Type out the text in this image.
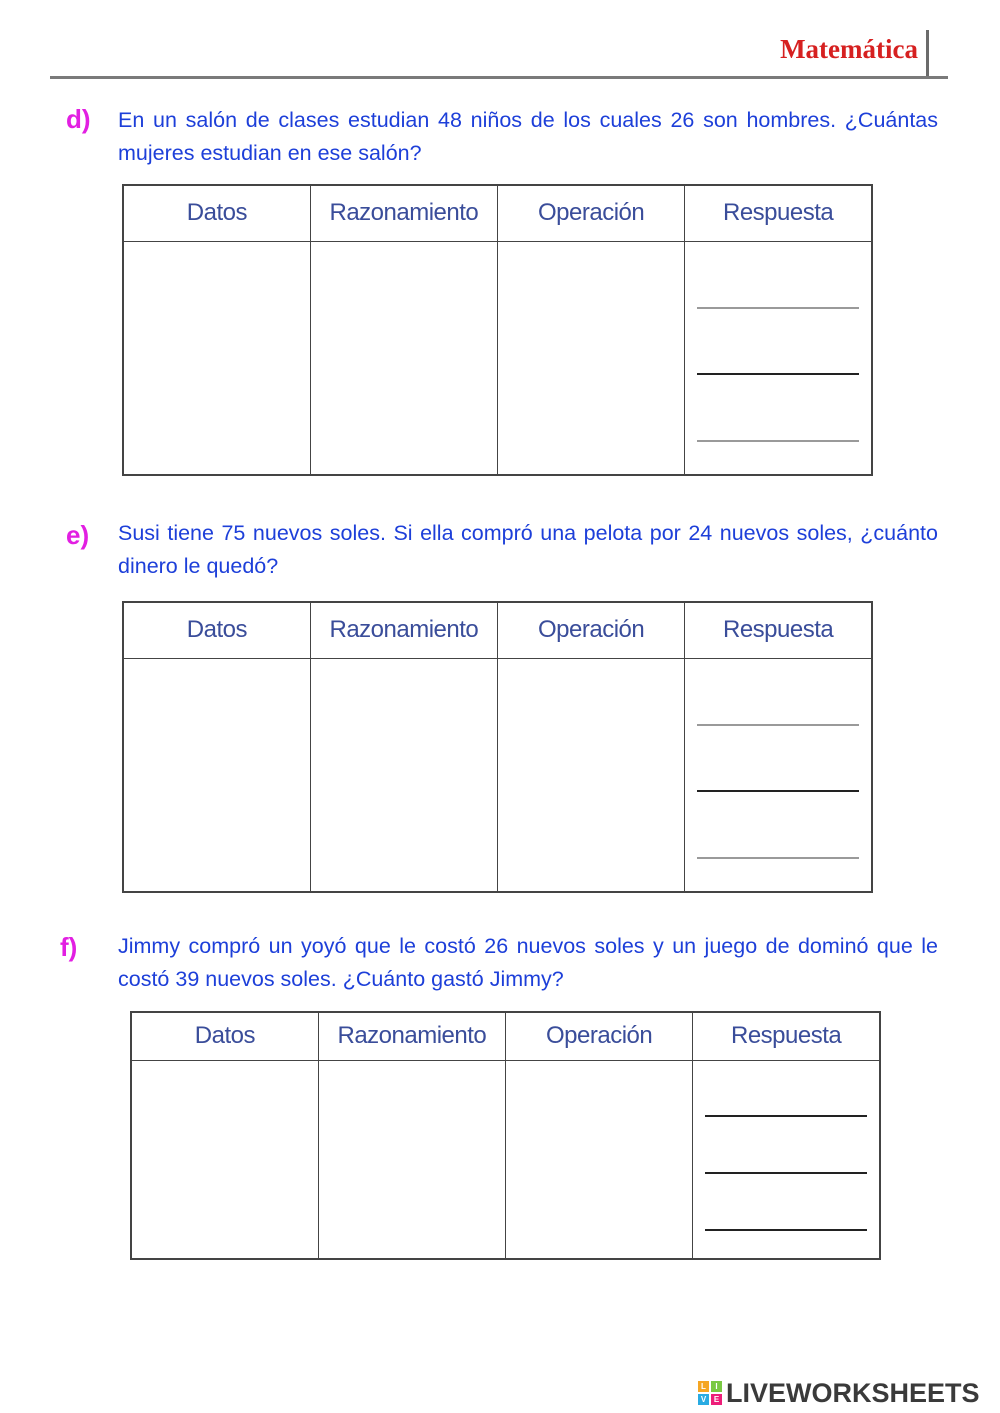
Matemática
d) En un salón de clases estudian 48 niños de los cuales 26 son hombres. ¿Cuántas mujeres estudian en ese salón?
Datos	Razonamiento	Operación	Respuesta

e) Susi tiene 75 nuevos soles. Si ella compró una pelota por 24 nuevos soles, ¿cuánto dinero le quedó?
Datos	Razonamiento	Operación	Respuesta

f) Jimmy compró un yoyó que le costó 26 nuevos soles y un juego de dominó que le costó 39 nuevos soles. ¿Cuánto gastó Jimmy?
Datos	Razonamiento	Operación	Respuesta

L	I
V E LIVEWORKSHEETS
